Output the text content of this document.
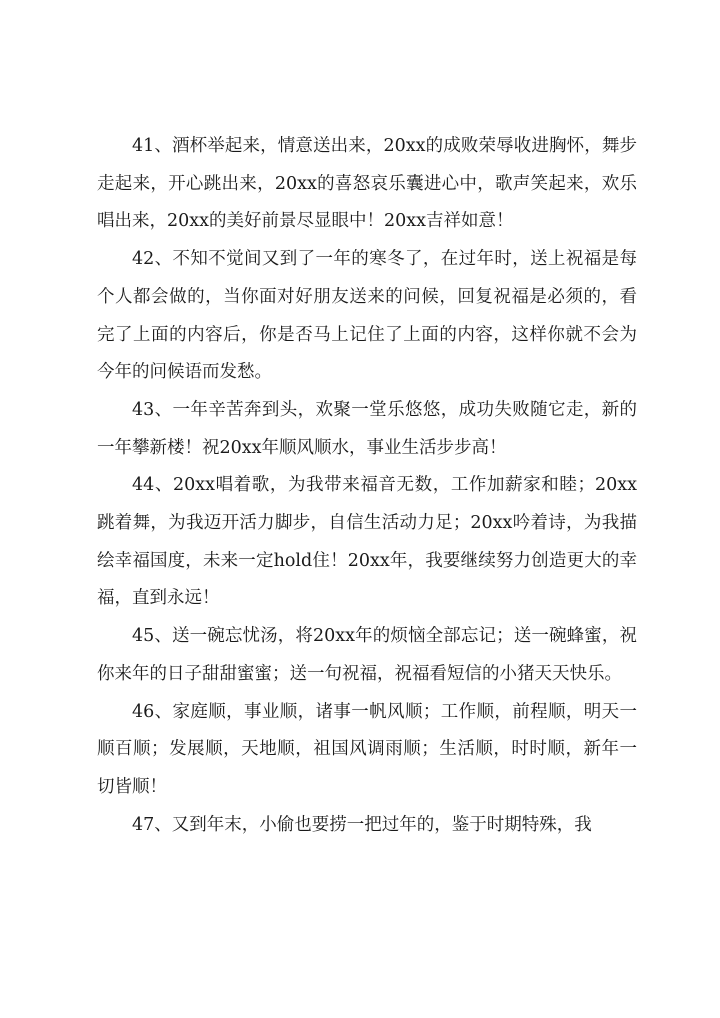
41、酒杯举起来，情意送出来，20xx的成败荣辱收进胸怀，舞步走起来，开心跳出来，20xx的喜怒哀乐囊进心中，歌声笑起来，欢乐唱出来，20xx的美好前景尽显眼中！20xx吉祥如意！

42、不知不觉间又到了一年的寒冬了，在过年时，送上祝福是每个人都会做的，当你面对好朋友送来的问候，回复祝福是必须的，看完了上面的内容后，你是否马上记住了上面的内容，这样你就不会为今年的问候语而发愁。

43、一年辛苦奔到头，欢聚一堂乐悠悠，成功失败随它走，新的一年攀新楼！祝20xx年顺风顺水，事业生活步步高！

44、20xx唱着歌，为我带来福音无数，工作加薪家和睦；20xx跳着舞，为我迈开活力脚步，自信生活动力足；20xx吟着诗，为我描绘幸福国度，未来一定hold住！20xx年，我要继续努力创造更大的幸福，直到永远！

45、送一碗忘忧汤，将20xx年的烦恼全部忘记；送一碗蜂蜜，祝你来年的日子甜甜蜜蜜；送一句祝福，祝福看短信的小猪天天快乐。

46、家庭顺，事业顺，诸事一帆风顺；工作顺，前程顺，明天一顺百顺；发展顺，天地顺，祖国风调雨顺；生活顺，时时顺，新年一切皆顺！

47、又到年末，小偷也要捞一把过年的，鉴于时期特殊，我
